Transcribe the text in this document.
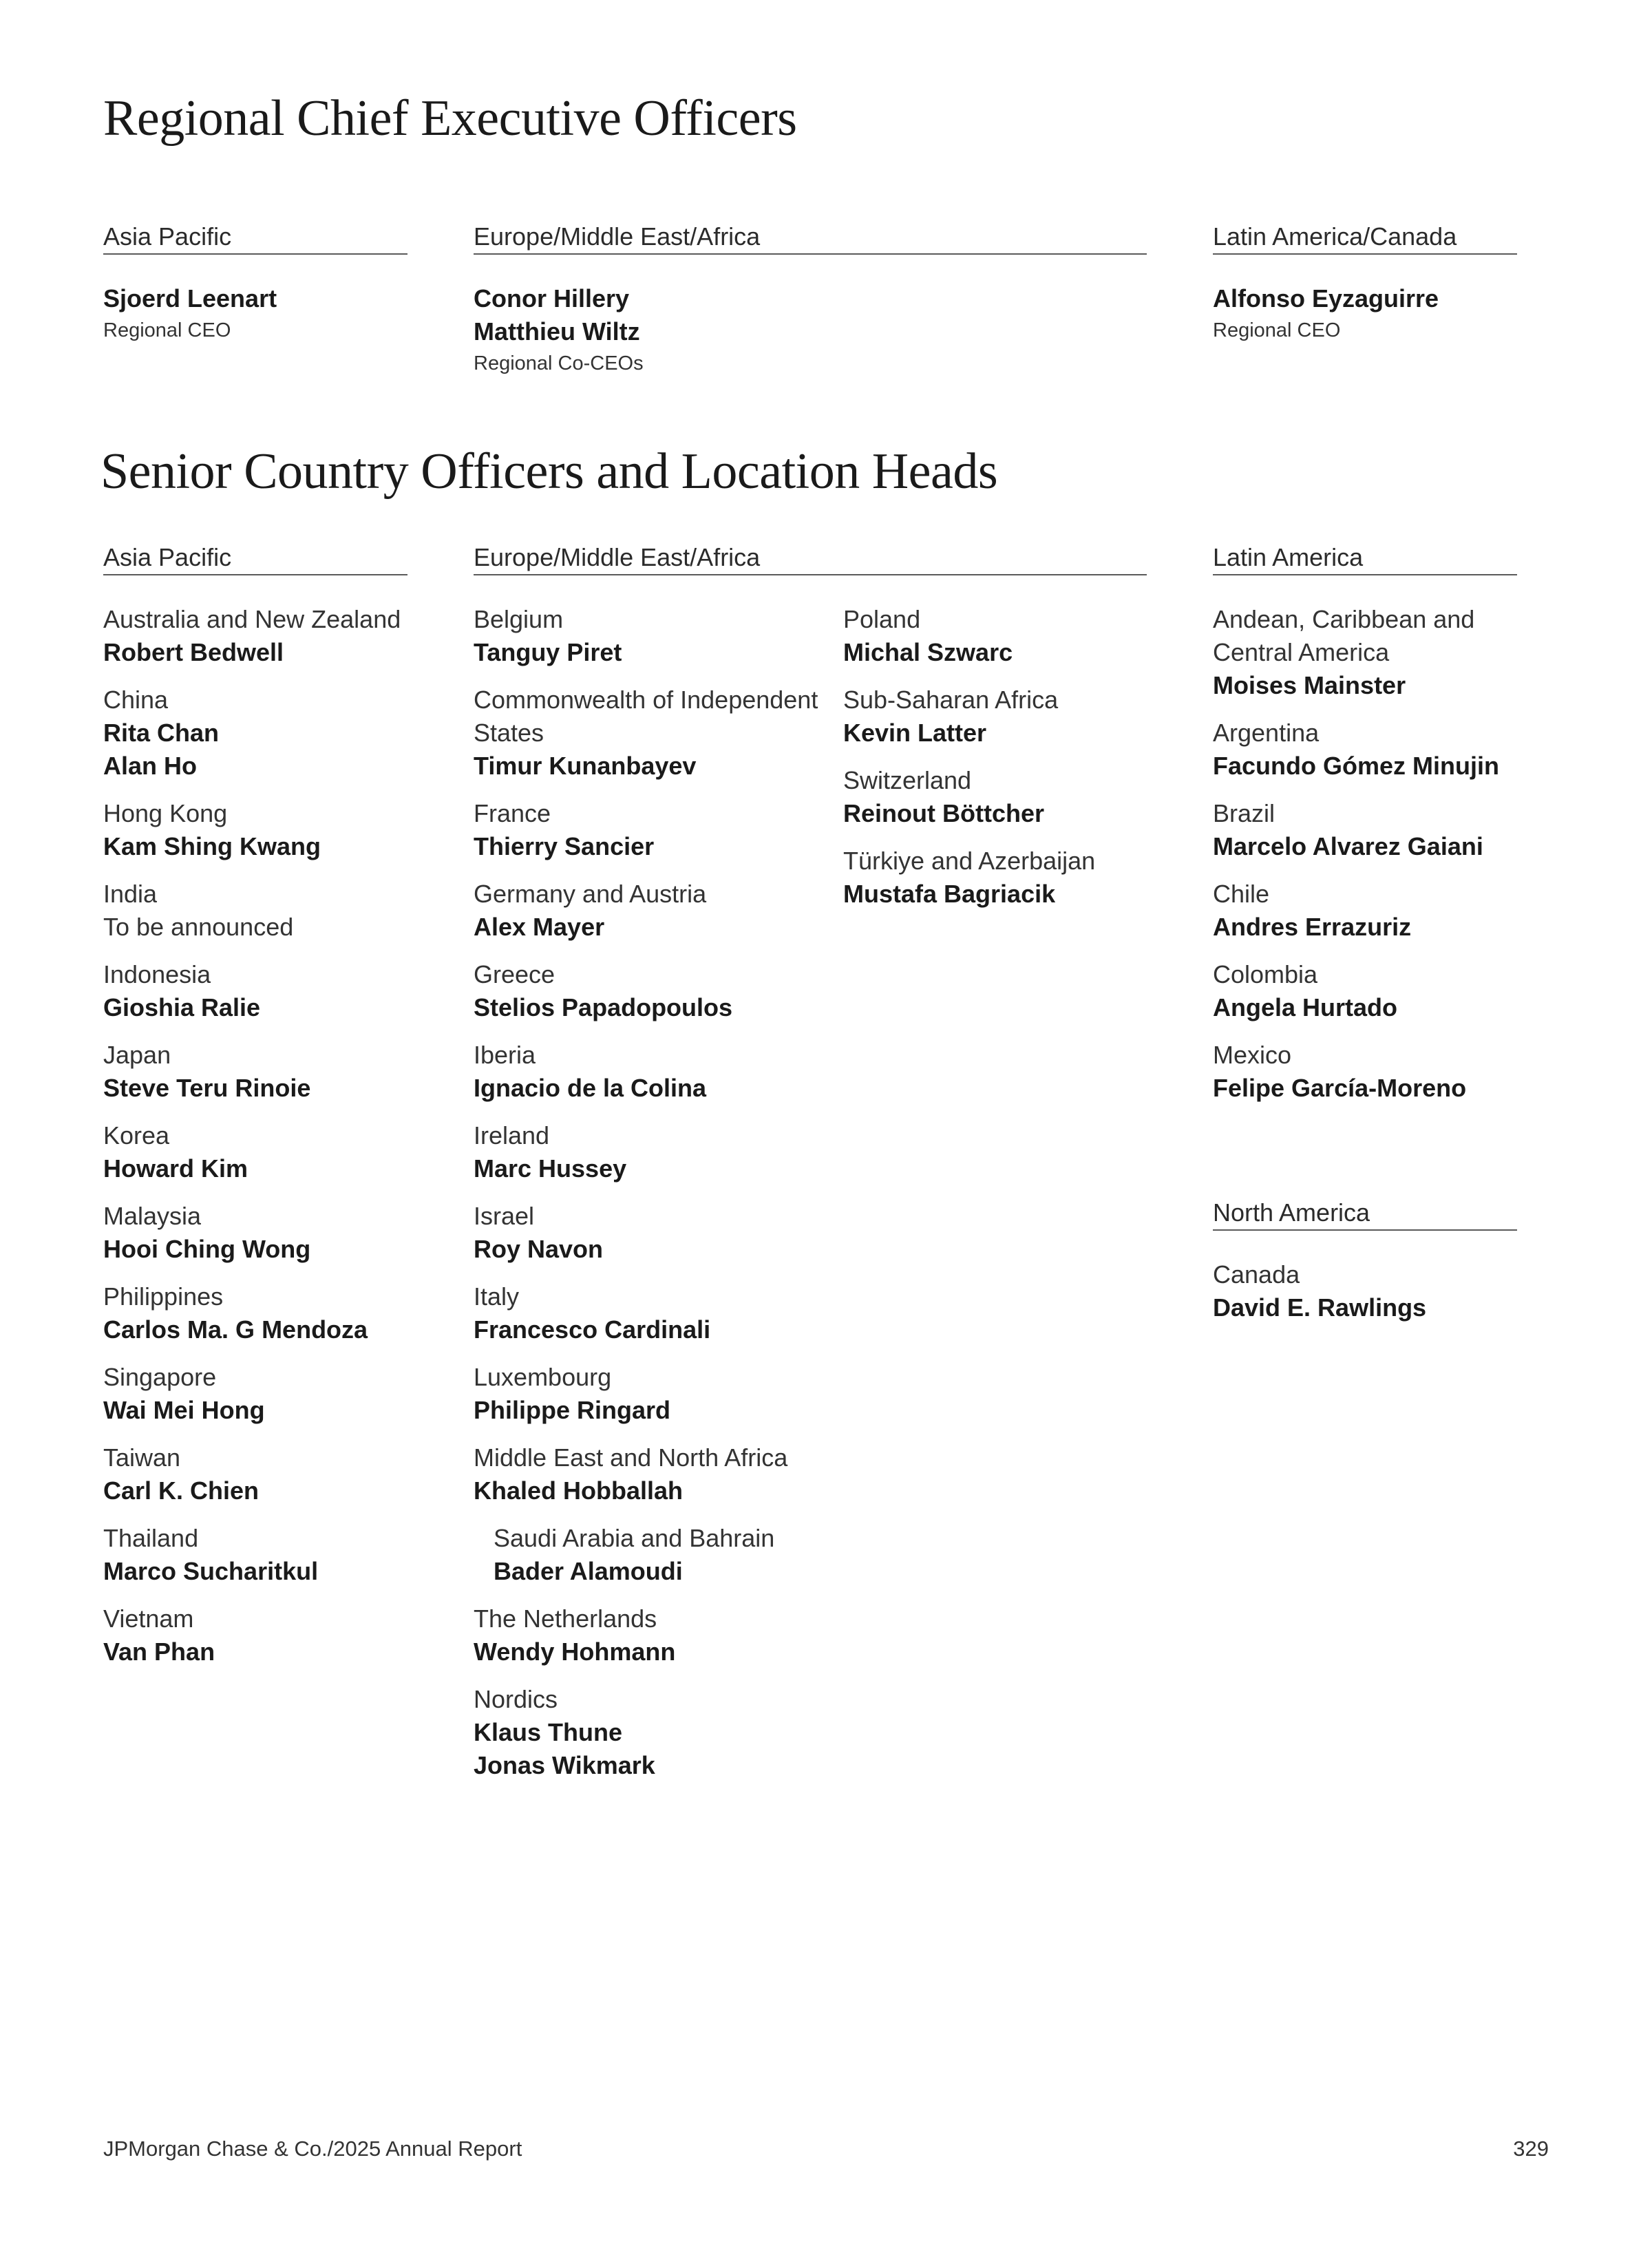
Regional Chief Executive Officers
Asia Pacific
Sjoerd Leenart
Regional CEO
Europe/Middle East/Africa
Conor Hillery
Matthieu Wiltz
Regional Co-CEOs
Latin America/Canada
Alfonso Eyzaguirre
Regional CEO
Senior Country Officers and Location Heads
Asia Pacific	Europe/Middle East/Africa	Latin America
Australia and New Zealand
Robert Bedwell
China
Rita Chan
Alan Ho
Hong Kong
Kam Shing Kwang
India
To be announced
Indonesia
Gioshia Ralie
Japan
Steve Teru Rinoie
Korea
Howard Kim
Malaysia
Hooi Ching Wong
Philippines
Carlos Ma. G Mendoza
Singapore
Wai Mei Hong
Taiwan
Carl K. Chien
Thailand
Marco Sucharitkul
Vietnam
Van Phan
Belgium
Tanguy Piret
Commonwealth of Independent States
Timur Kunanbayev
France
Thierry Sancier
Germany and Austria
Alex Mayer
Greece
Stelios Papadopoulos
Iberia
Ignacio de la Colina
Ireland
Marc Hussey
Israel
Roy Navon
Italy
Francesco Cardinali
Luxembourg
Philippe Ringard
Middle East and North Africa
Khaled Hobballah
Saudi Arabia and Bahrain
Bader Alamoudi
The Netherlands
Wendy Hohmann
Nordics
Klaus Thune
Jonas Wikmark
Poland
Michal Szwarc
Sub-Saharan Africa
Kevin Latter
Switzerland
Reinout Böttcher
Türkiye and Azerbaijan
Mustafa Bagriacik
Andean, Caribbean and Central America
Moises Mainster
Argentina
Facundo Gómez Minujin
Brazil
Marcelo Alvarez Gaiani
Chile
Andres Errazuriz
Colombia
Angela Hurtado
Mexico
Felipe García-Moreno
North America
Canada
David E. Rawlings
JPMorgan Chase & Co./2025 Annual Report	329
